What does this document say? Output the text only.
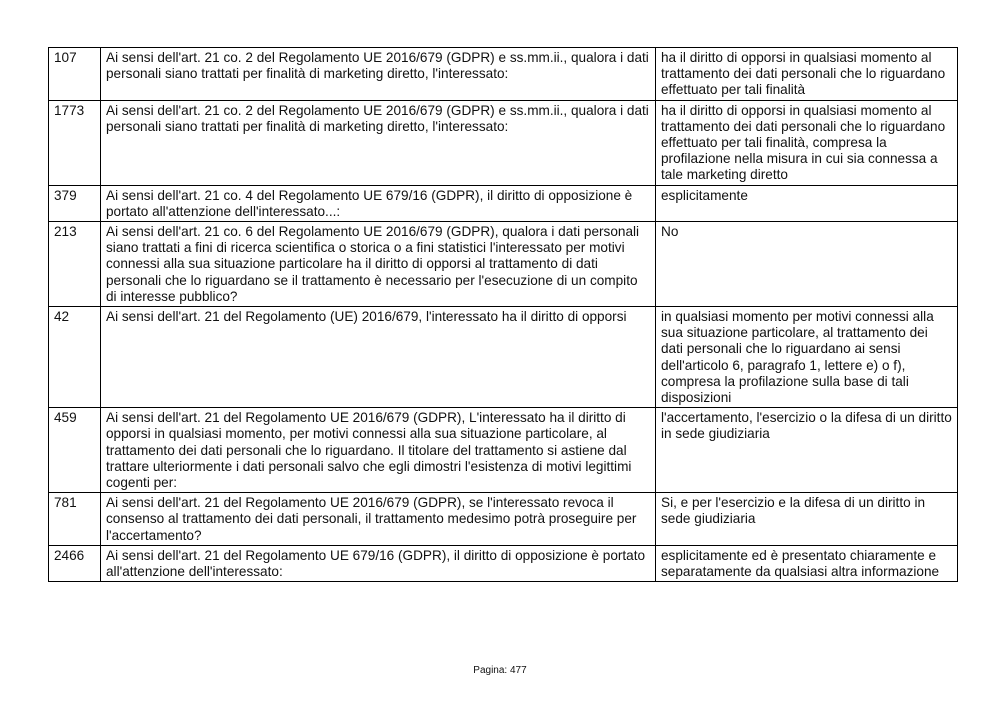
107	Ai sensi dell'art. 21 co. 2 del Regolamento UE 2016/679 (GDPR) e ss.mm.ii., qualora i dati personali siano trattati per finalità di marketing diretto, l'interessato:	ha il diritto di opporsi in qualsiasi momento al trattamento dei dati personali che lo riguardano effettuato per tali finalità
1773	Ai sensi dell'art. 21 co. 2 del Regolamento UE 2016/679 (GDPR) e ss.mm.ii., qualora i dati personali siano trattati per finalità di marketing diretto, l'interessato:	ha il diritto di opporsi in qualsiasi momento al trattamento dei dati personali che lo riguardano effettuato per tali finalità, compresa la profilazione nella misura in cui sia connessa a tale marketing diretto
379	Ai sensi dell'art. 21 co. 4 del Regolamento UE 679/16 (GDPR), il diritto di opposizione è portato all'attenzione dell'interessato...:	esplicitamente
213	Ai sensi dell'art. 21 co. 6 del Regolamento UE 2016/679 (GDPR), qualora i dati personali siano trattati a fini di ricerca scientifica o storica o a fini statistici l'interessato per motivi connessi alla sua situazione particolare ha il diritto di opporsi al trattamento di dati personali che lo riguardano se il trattamento è necessario per l'esecuzione di un compito di interesse pubblico?	No
42	Ai sensi dell'art. 21 del Regolamento (UE) 2016/679, l'interessato ha il diritto di opporsi	in qualsiasi momento per motivi connessi alla sua situazione particolare, al trattamento dei dati personali che lo riguardano ai sensi dell'articolo 6, paragrafo 1, lettere e) o f), compresa la profilazione sulla base di tali disposizioni
459	Ai sensi dell'art. 21 del Regolamento UE 2016/679 (GDPR), L'interessato ha il diritto di opporsi in qualsiasi momento, per motivi connessi alla sua situazione particolare, al trattamento dei dati personali che lo riguardano. Il titolare del trattamento si astiene dal trattare ulteriormente i dati personali salvo che egli dimostri l'esistenza di motivi legittimi cogenti per:	l'accertamento, l'esercizio o la difesa di un diritto in sede giudiziaria
781	Ai sensi dell'art. 21 del Regolamento UE 2016/679 (GDPR), se l'interessato revoca il consenso al trattamento dei dati personali, il trattamento medesimo potrà proseguire per l'accertamento?	Si, e per l'esercizio e la difesa di un diritto in sede giudiziaria
2466	Ai sensi dell'art. 21 del Regolamento UE 679/16 (GDPR), il diritto di opposizione è portato all'attenzione dell'interessato:	esplicitamente ed è presentato chiaramente e separatamente da qualsiasi altra informazione
Pagina: 477
